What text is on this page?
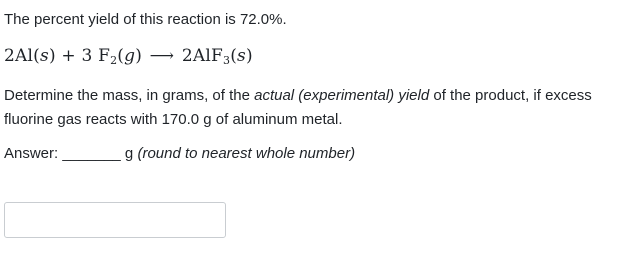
The percent yield of this reaction is 72.0%.
2Al(s) + 3 $F_2(g)$ ⟶ 2AlF$_3$(s)
Determine the mass, in grams, of the actual (experimental) yield of the product, if excess fluorine gas reacts with 170.0 g of aluminum metal.
Answer: _______ g (round to nearest whole number)
